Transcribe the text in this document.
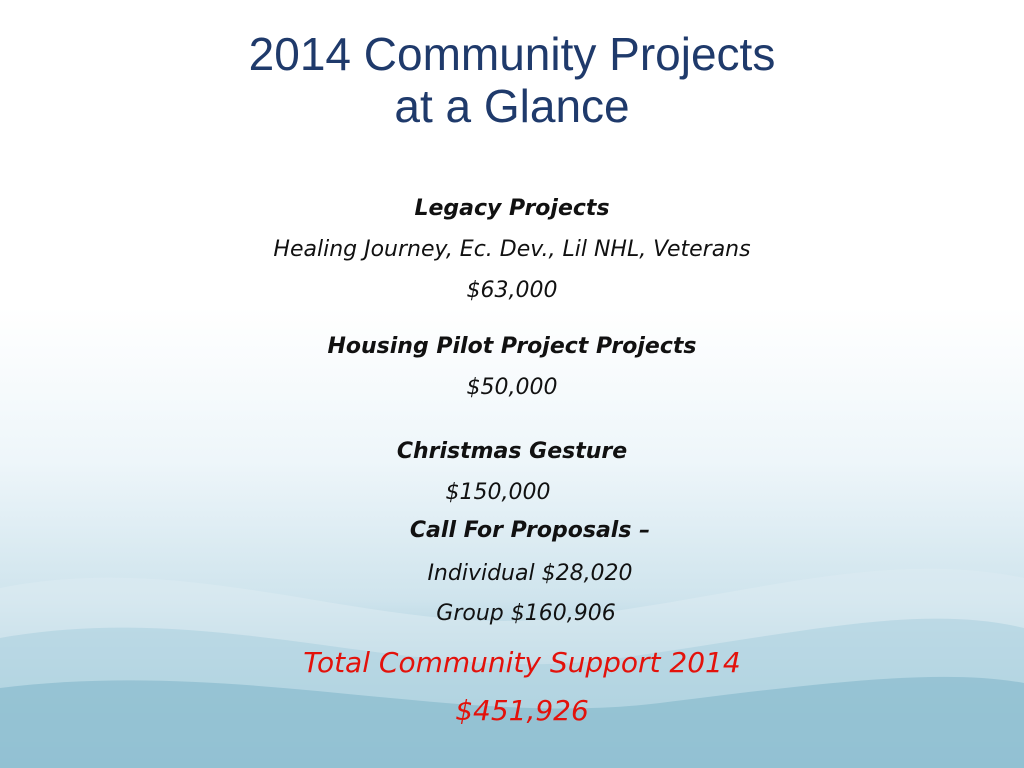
2014 Community Projects
at a Glance
Legacy Projects
Healing Journey, Ec. Dev., Lil NHL, Veterans
$63,000
Housing Pilot Project Projects
$50,000
Christmas Gesture
$150,000
Call For Proposals –
Individual $28,020
Group $160,906
Total Community Support 2014
$451,926
